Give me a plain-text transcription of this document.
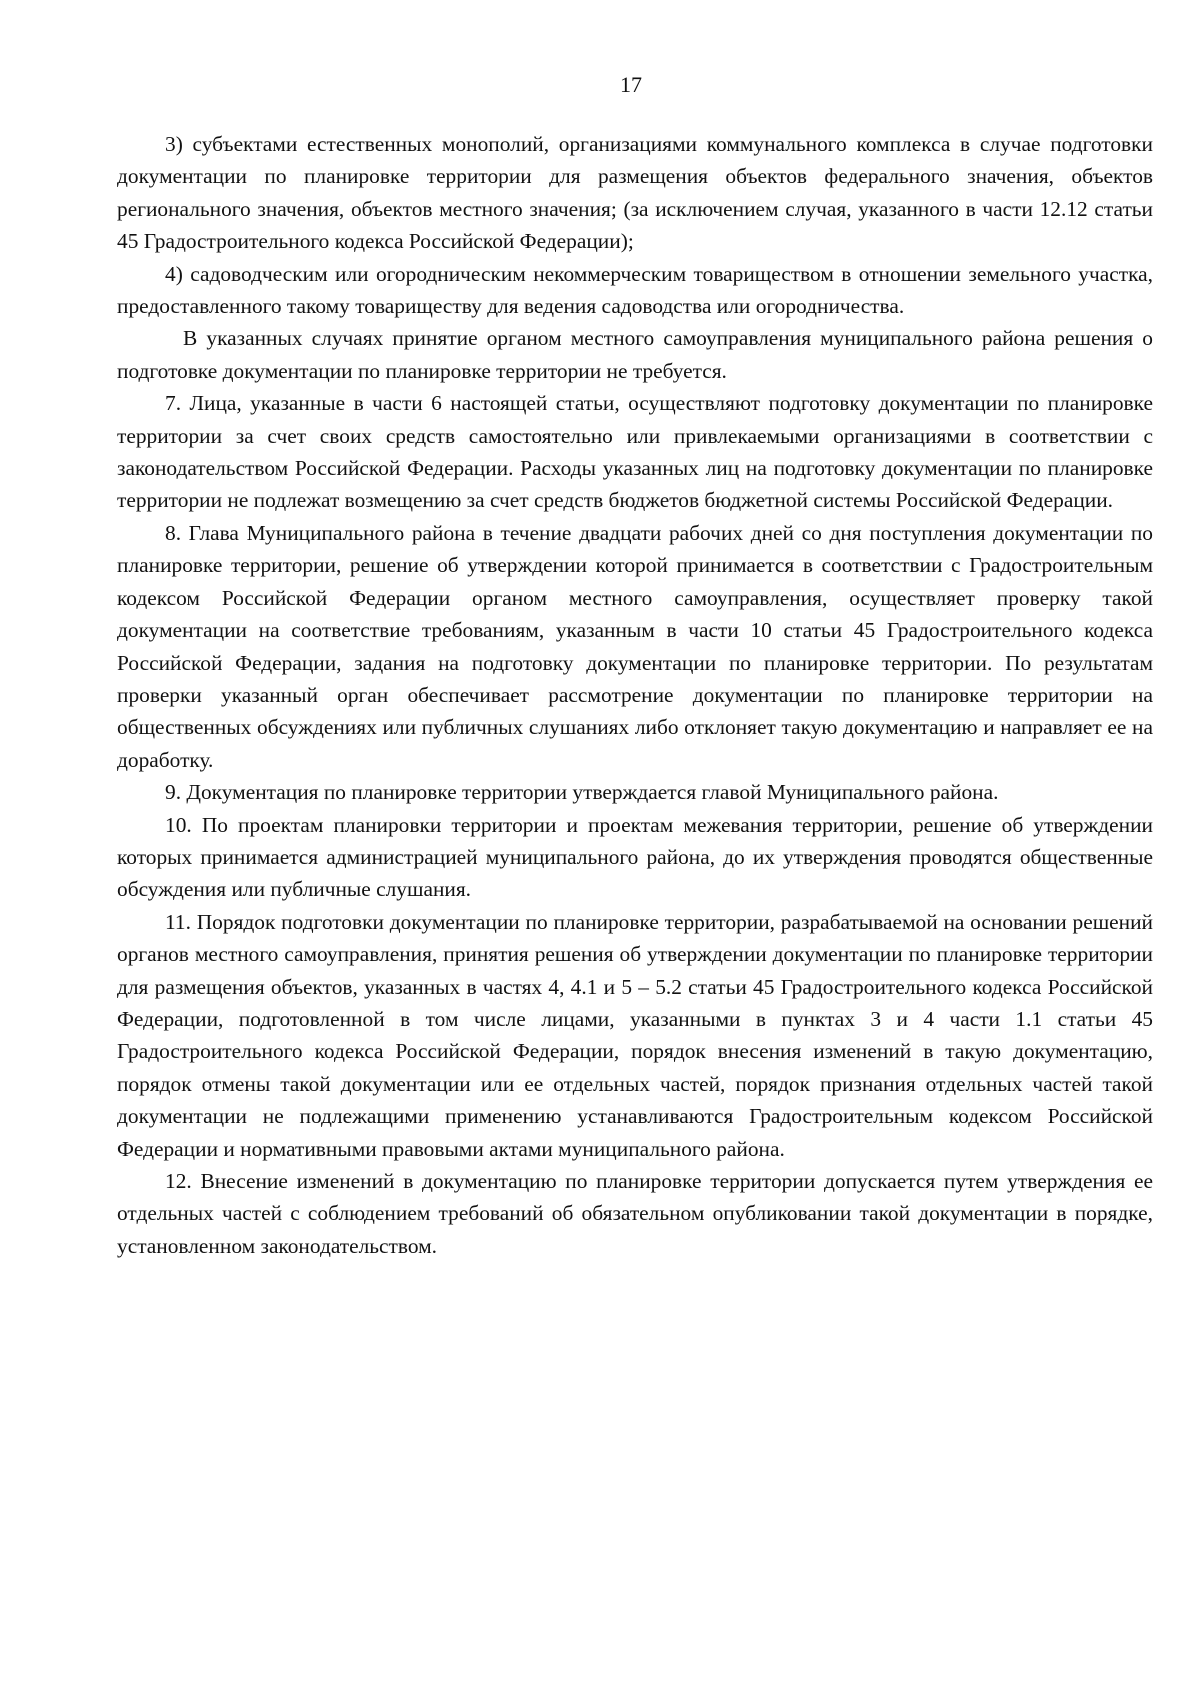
17

3) субъектами естественных монополий, организациями коммунального комплекса в случае подготовки документации по планировке территории для размещения объектов федерального значения, объектов регионального значения, объектов местного значения; (за исключением случая, указанного в части 12.12 статьи 45 Градостроительного кодекса Российской Федерации);

4) садоводческим или огородническим некоммерческим товариществом в отношении земельного участка, предоставленного такому товариществу для ведения садоводства или огородничества.

В указанных случаях принятие органом местного самоуправления муниципального района решения о подготовке документации по планировке территории не требуется.

7. Лица, указанные в части 6 настоящей статьи, осуществляют подготовку документации по планировке территории за счет своих средств самостоятельно или привлекаемыми организациями в соответствии с законодательством Российской Федерации. Расходы указанных лиц на подготовку документации по планировке территории не подлежат возмещению за счет средств бюджетов бюджетной системы Российской Федерации.

8. Глава Муниципального района в течение двадцати рабочих дней со дня поступления документации по планировке территории, решение об утверждении которой принимается в соответствии с Градостроительным кодексом Российской Федерации органом местного самоуправления, осуществляет проверку такой документации на соответствие требованиям, указанным в части 10 статьи 45 Градостроительного кодекса Российской Федерации, задания на подготовку документации по планировке территории. По результатам проверки указанный орган обеспечивает рассмотрение документации по планировке территории на общественных обсуждениях или публичных слушаниях либо отклоняет такую документацию и направляет ее на доработку.

9. Документация по планировке территории утверждается главой Муниципального района.

10. По проектам планировки территории и проектам межевания территории, решение об утверждении которых принимается администрацией муниципального района, до их утверждения проводятся общественные обсуждения или публичные слушания.

11. Порядок подготовки документации по планировке территории, разрабатываемой на основании решений органов местного самоуправления, принятия решения об утверждении документации по планировке территории для размещения объектов, указанных в частях 4, 4.1 и 5 – 5.2 статьи 45 Градостроительного кодекса Российской Федерации, подготовленной в том числе лицами, указанными в пунктах 3 и 4 части 1.1 статьи 45 Градостроительного кодекса Российской Федерации, порядок внесения изменений в такую документацию, порядок отмены такой документации или ее отдельных частей, порядок признания отдельных частей такой документации не подлежащими применению устанавливаются Градостроительным кодексом Российской Федерации и нормативными правовыми актами муниципального района.

12. Внесение изменений в документацию по планировке территории допускается путем утверждения ее отдельных частей с соблюдением требований об обязательном опубликовании такой документации в порядке, установленном законодательством.
